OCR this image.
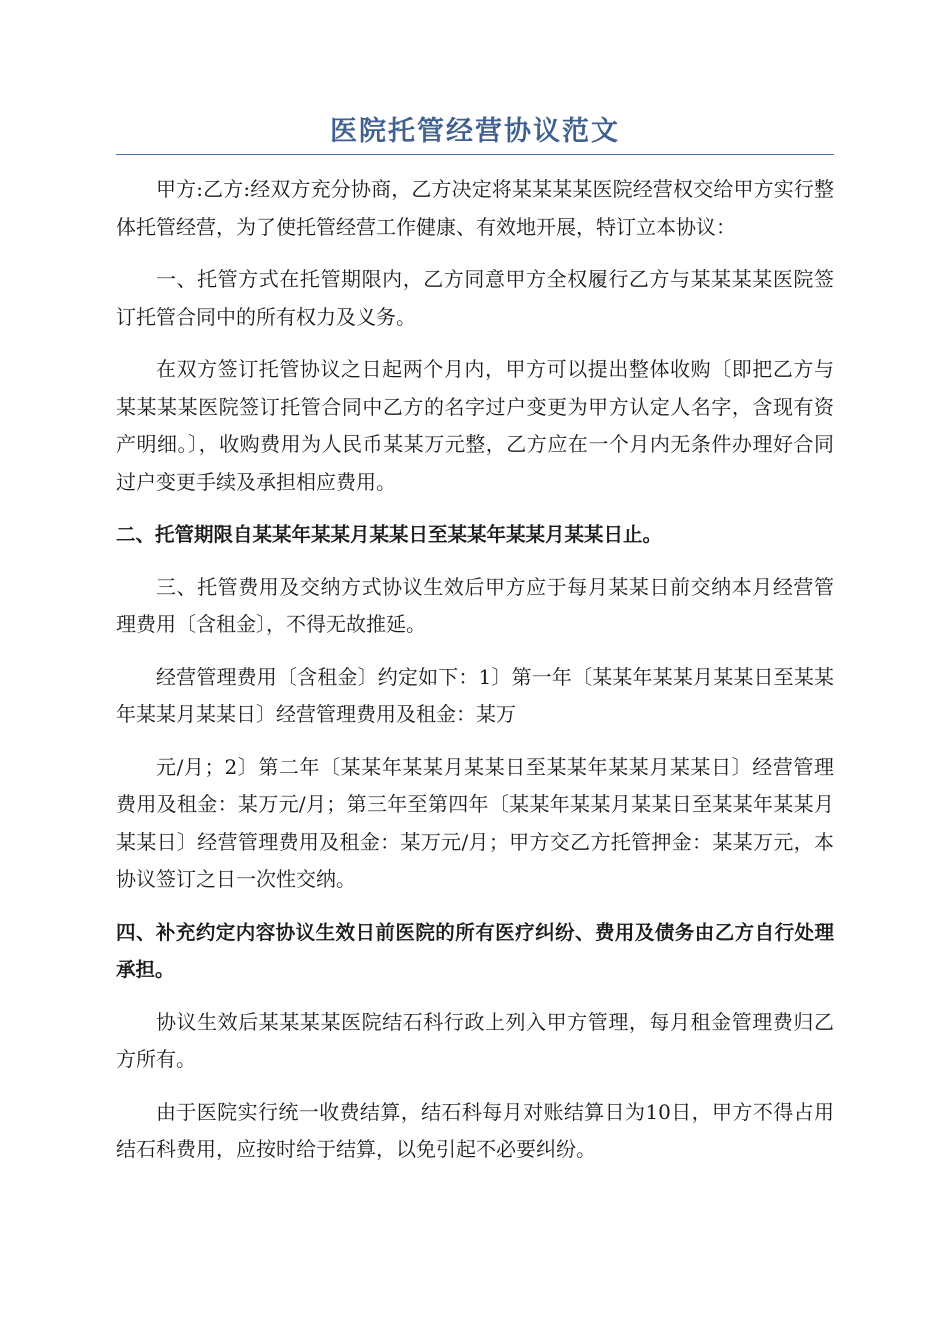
医院托管经营协议范文

甲方:乙方:经双方充分协商，乙方决定将某某某某医院经营权交给甲方实行整体托管经营，为了使托管经营工作健康、有效地开展，特订立本协议：

一、托管方式在托管期限内，乙方同意甲方全权履行乙方与某某某某医院签订托管合同中的所有权力及义务。

在双方签订托管协议之日起两个月内，甲方可以提出整体收购〔即把乙方与某某某某医院签订托管合同中乙方的名字过户变更为甲方认定人名字，含现有资产明细。〕，收购费用为人民币某某万元整，乙方应在一个月内无条件办理好合同过户变更手续及承担相应费用。

二、托管期限自某某年某某月某某日至某某年某某月某某日止。

三、托管费用及交纳方式协议生效后甲方应于每月某某日前交纳本月经营管理费用〔含租金〕，不得无故推延。

经营管理费用〔含租金〕约定如下：1〕第一年〔某某年某某月某某日至某某年某某月某某日〕经营管理费用及租金：某万

元/月；2〕第二年〔某某年某某月某某日至某某年某某月某某日〕经营管理费用及租金：某万元/月；第三年至第四年〔某某年某某月某某日至某某年某某月某某日〕经营管理费用及租金：某万元/月；甲方交乙方托管押金：某某万元，本协议签订之日一次性交纳。

四、补充约定内容协议生效日前医院的所有医疗纠纷、费用及债务由乙方自行处理承担。

协议生效后某某某某医院结石科行政上列入甲方管理，每月租金管理费归乙方所有。

由于医院实行统一收费结算，结石科每月对账结算日为10日，甲方不得占用结石科费用，应按时给于结算，以免引起不必要纠纷。
